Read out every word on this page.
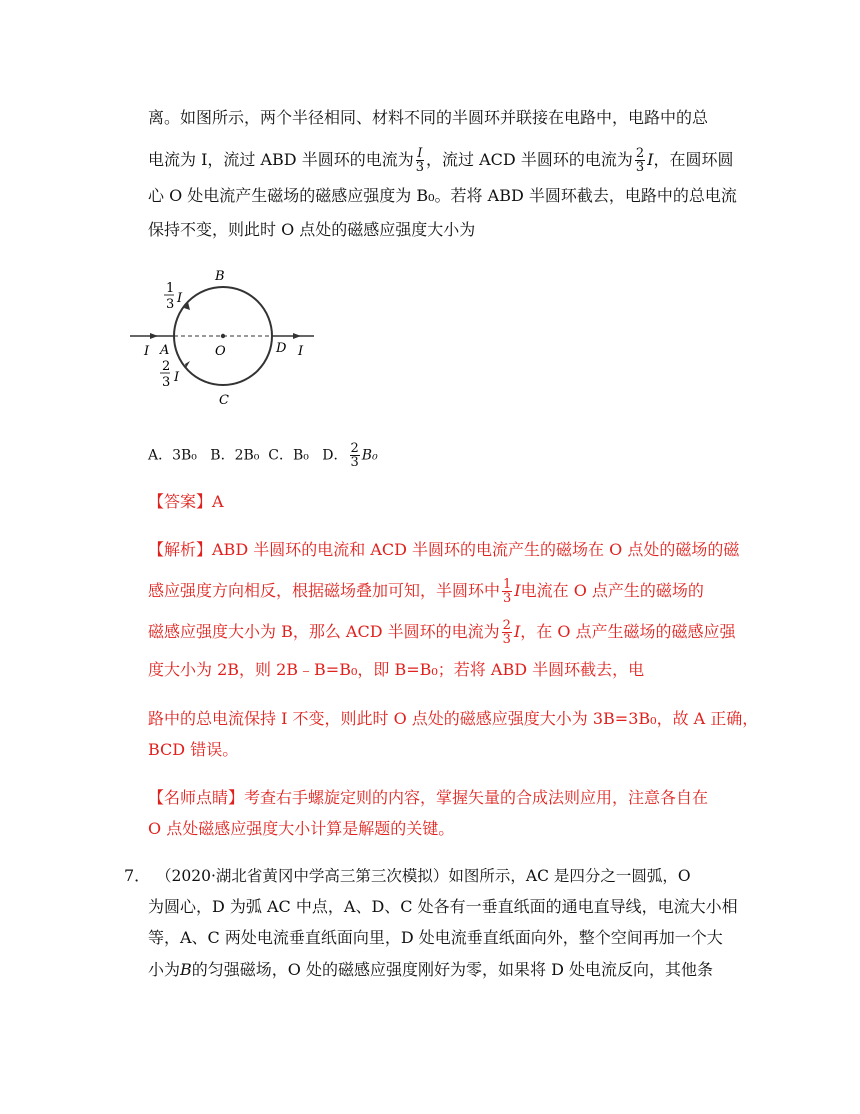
离。如图所示，两个半径相同、材料不同的半圆环并联接在电路中，电路中的总
电流为 I，流过 ABD 半圆环的电流为 $\frac{I}{3}$ ，流过 ACD 半圆环的电流为 $\frac{2}{3}$ I，在圆环圆
心 O 处电流产生磁场的磁感应强度为 B₀。若将 ABD 半圆环截去，电路中的总电流
保持不变，则此时 O 点处的磁感应强度大小为
B
C
A	O	D
I	I
1
3 I
2
3 I
A．3B₀ B．2B₀ C．B₀ D． $\frac{2}{3} B_0$
【答案】A
【解析】ABD 半圆环的电流和 ACD 半圆环的电流产生的磁场在 O 点处的磁场的磁
感应强度方向相反，根据磁场叠加可知，半圆环中 $\frac{1}{3}$ I电流在 O 点产生的磁场的
磁感应强度大小为 B，那么 ACD 半圆环的电流为 $\frac{2}{3}$ I，在 O 点产生磁场的磁感应强
度大小为 2B，则 2B﹣B=B₀，即 B=B₀；若将 ABD 半圆环截去，电
路中的总电流保持 I 不变，则此时 O 点处的磁感应强度大小为 3B=3B₀，故 A 正确，
BCD 错误。
【名师点睛】考查右手螺旋定则的内容，掌握矢量的合成法则应用，注意各自在
O 点处磁感应强度大小计算是解题的关键。
7． （2020·湖北省黄冈中学高三第三次模拟）如图所示，AC 是四分之一圆弧，O
为圆心，D 为弧 AC 中点，A、D、C 处各有一垂直纸面的通电直导线，电流大小相
等，A、C 两处电流垂直纸面向里，D 处电流垂直纸面向外，整个空间再加一个大
小为B的匀强磁场，O 处的磁感应强度刚好为零，如果将 D 处电流反向，其他条
